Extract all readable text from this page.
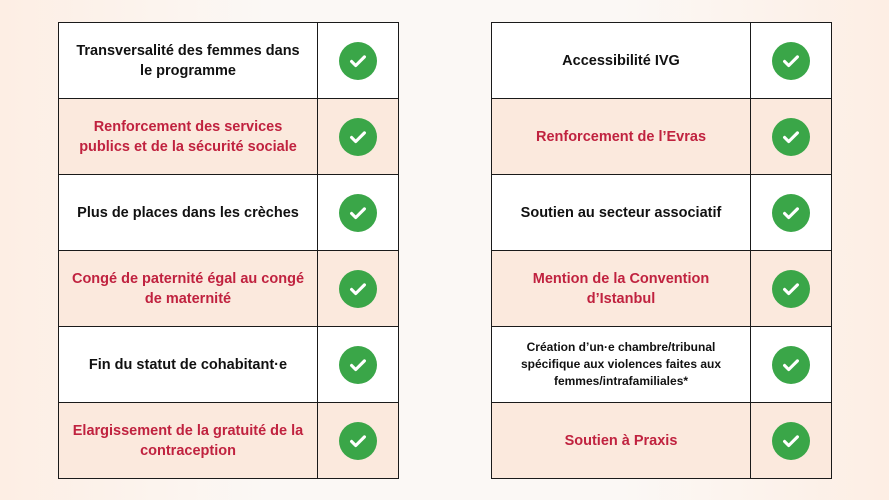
Transversalité des femmes dans le programme
Renforcement des services publics et de la sécurité sociale
Plus de places dans les crèches
Congé de paternité égal au congé de maternité
Fin du statut de cohabitant·e
Elargissement de la gratuité de la contraception
Accessibilité IVG
Renforcement de l’Evras
Soutien au secteur associatif
Mention de la Convention d’Istanbul
Création d’un·e chambre/tribunal spécifique aux violences faites aux femmes/intrafamiliales*
Soutien à Praxis
